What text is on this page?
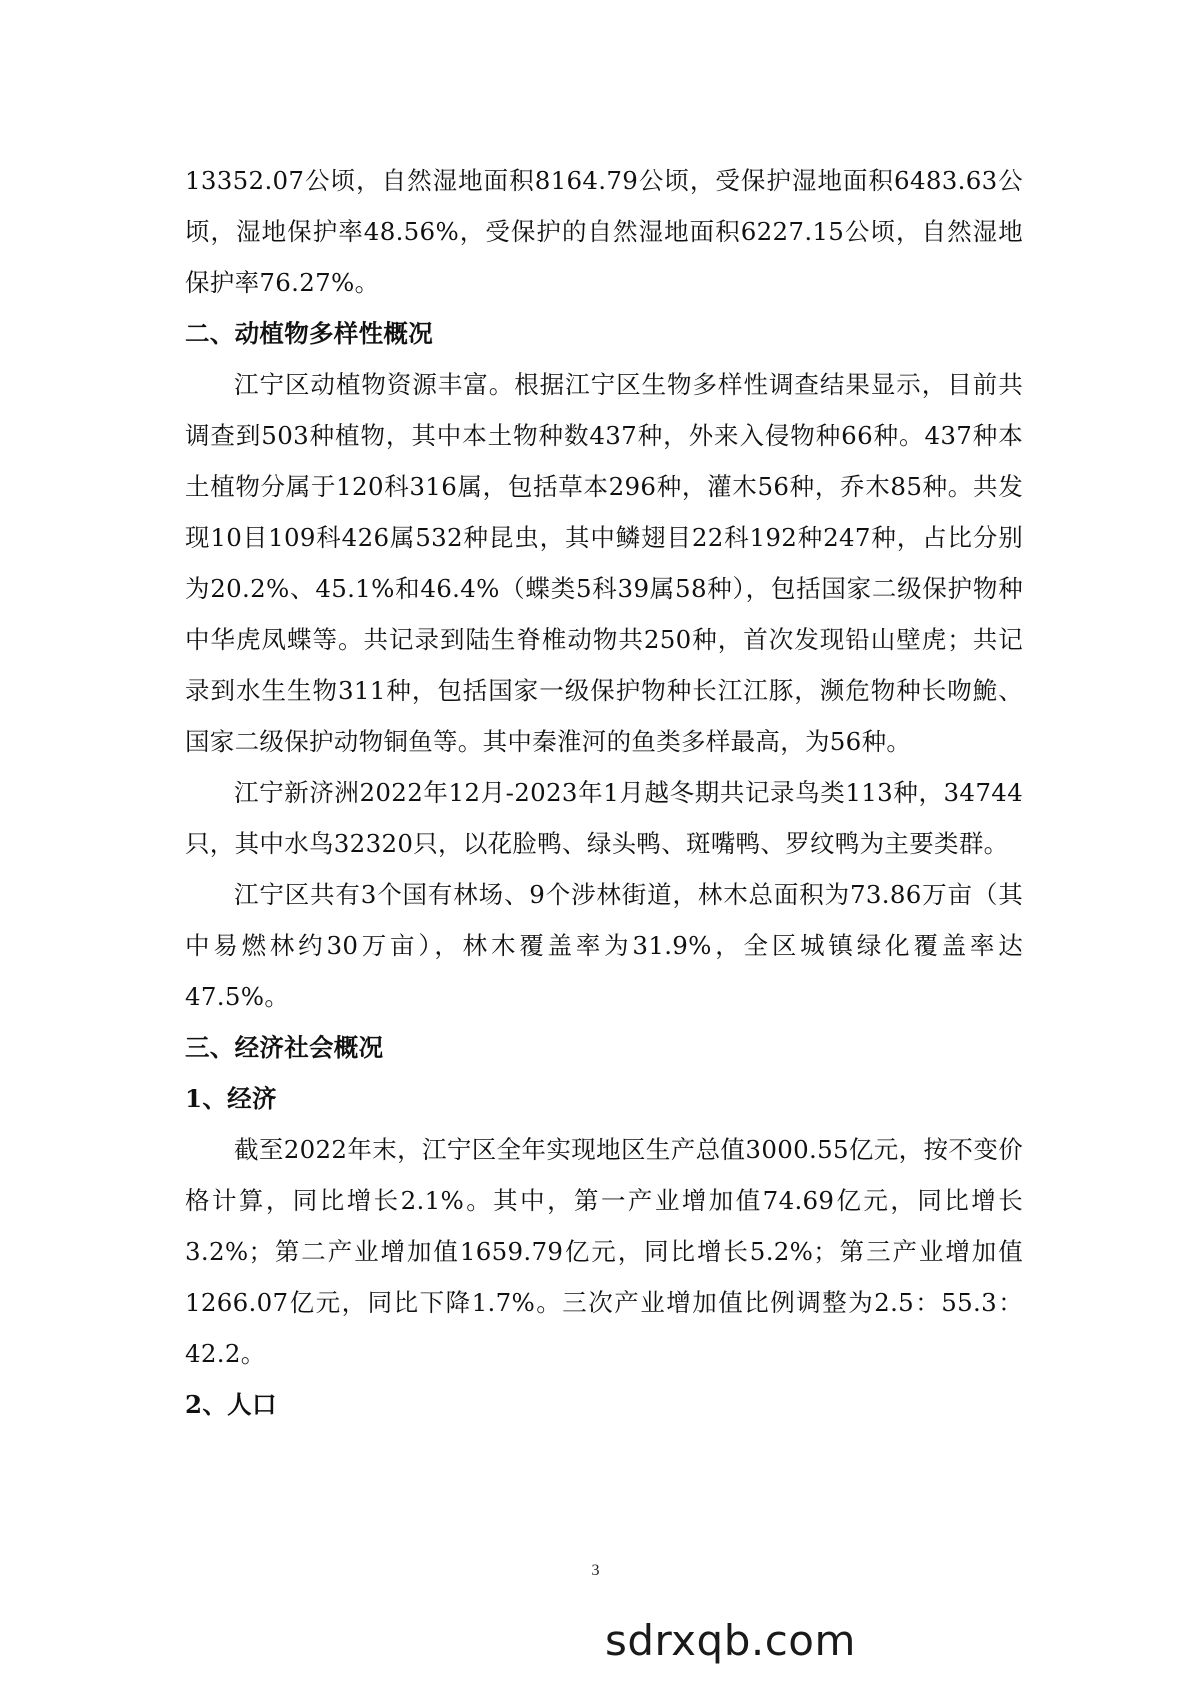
13352.07公顷，自然湿地面积8164.79公顷，受保护湿地面积6483.63公顷，湿地保护率48.56%，受保护的自然湿地面积6227.15公顷，自然湿地保护率76.27%。

二、动植物多样性概况

江宁区动植物资源丰富。根据江宁区生物多样性调查结果显示，目前共调查到503种植物，其中本土物种数437种，外来入侵物种66种。437种本土植物分属于120科316属，包括草本296种，灌木56种，乔木85种。共发现10目109科426属532种昆虫，其中鳞翅目22科192种247种，占比分别为20.2%、45.1%和46.4%（蝶类5科39属58种），包括国家二级保护物种中华虎凤蝶等。共记录到陆生脊椎动物共250种，首次发现铅山壁虎；共记录到水生生物311种，包括国家一级保护物种长江江豚，濒危物种长吻鮠、国家二级保护动物铜鱼等。其中秦淮河的鱼类多样最高，为56种。

江宁新济洲2022年12月-2023年1月越冬期共记录鸟类113种，34744只，其中水鸟32320只，以花脸鸭、绿头鸭、斑嘴鸭、罗纹鸭为主要类群。

江宁区共有3个国有林场、9个涉林街道，林木总面积为73.86万亩（其中易燃林约30万亩），林木覆盖率为31.9%，全区城镇绿化覆盖率达47.5%。

三、经济社会概况
1、经济

截至2022年末，江宁区全年实现地区生产总值3000.55亿元，按不变价格计算，同比增长2.1%。其中，第一产业增加值74.69亿元，同比增长3.2%；第二产业增加值1659.79亿元，同比增长5.2%；第三产业增加值1266.07亿元，同比下降1.7%。三次产业增加值比例调整为2.5：55.3：42.2。

2、人口
3
sdrxqb.com
